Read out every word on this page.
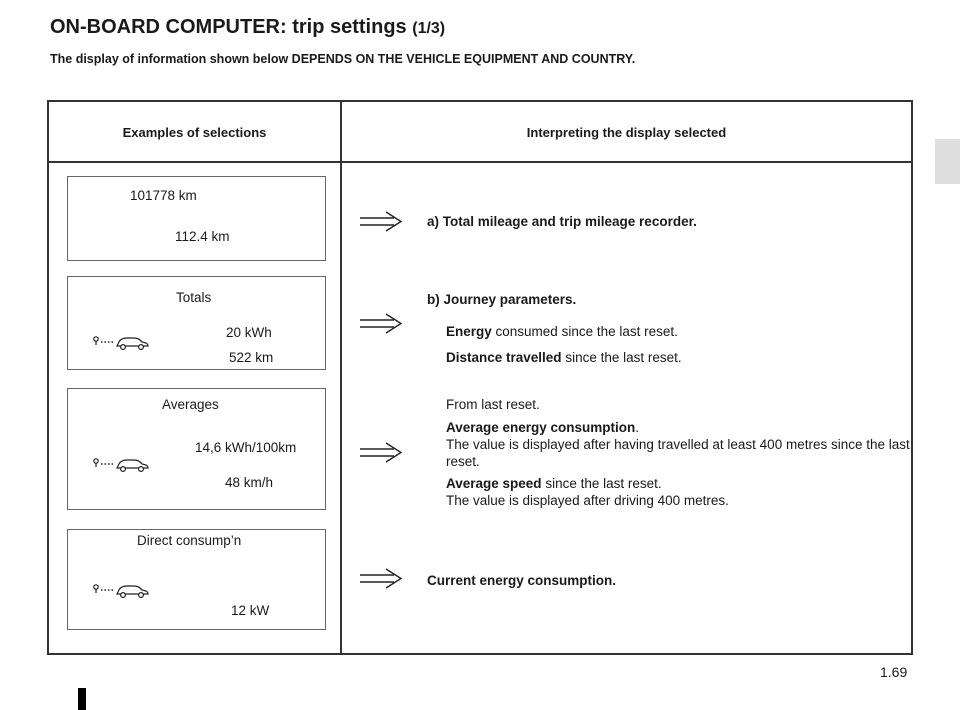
ON-BOARD COMPUTER: trip settings (1/3)
The display of information shown below DEPENDS ON THE VEHICLE EQUIPMENT AND COUNTRY.
Examples of selections	Interpreting the display selected
101778 km
112.4 km
Totals
20 kWh
522 km
Averages
14,6 kWh/100km
48 km/h
Direct consump’n
12 kW
a) Total mileage and trip mileage recorder.
b) Journey parameters.
Energy consumed since the last reset.
Distance travelled since the last reset.
From last reset.
Average energy consumption.
The value is displayed after having travelled at least 400 metres since the last reset.
Average speed since the last reset.
The value is displayed after driving 400 metres.
Current energy consumption.
1.69
